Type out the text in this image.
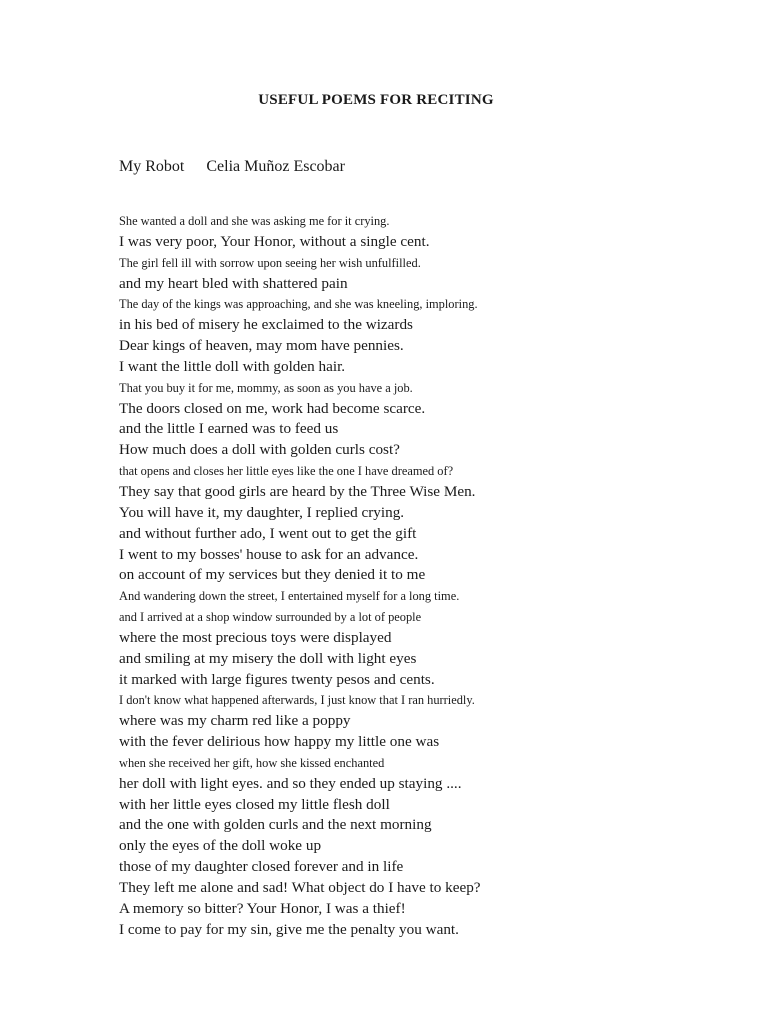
USEFUL POEMS FOR RECITING
My Robot Celia Muñoz Escobar
She wanted a doll and she was asking me for it crying.
I was very poor, Your Honor, without a single cent.
The girl fell ill with sorrow upon seeing her wish unfulfilled.
and my heart bled with shattered pain
The day of the kings was approaching, and she was kneeling, imploring.
in his bed of misery he exclaimed to the wizards
Dear kings of heaven, may mom have pennies.
I want the little doll with golden hair.
That you buy it for me, mommy, as soon as you have a job.
The doors closed on me, work had become scarce.
and the little I earned was to feed us
How much does a doll with golden curls cost?
that opens and closes her little eyes like the one I have dreamed of?
They say that good girls are heard by the Three Wise Men.
You will have it, my daughter, I replied crying.
and without further ado, I went out to get the gift
I went to my bosses' house to ask for an advance.
on account of my services but they denied it to me
And wandering down the street, I entertained myself for a long time.
and I arrived at a shop window surrounded by a lot of people
where the most precious toys were displayed
and smiling at my misery the doll with light eyes
it marked with large figures twenty pesos and cents.
I don't know what happened afterwards, I just know that I ran hurriedly.
where was my charm red like a poppy
with the fever delirious how happy my little one was
when she received her gift, how she kissed enchanted
her doll with light eyes. and so they ended up staying ....
with her little eyes closed my little flesh doll
and the one with golden curls and the next morning
only the eyes of the doll woke up
those of my daughter closed forever and in life
They left me alone and sad! What object do I have to keep?
A memory so bitter? Your Honor, I was a thief!
I come to pay for my sin, give me the penalty you want.
